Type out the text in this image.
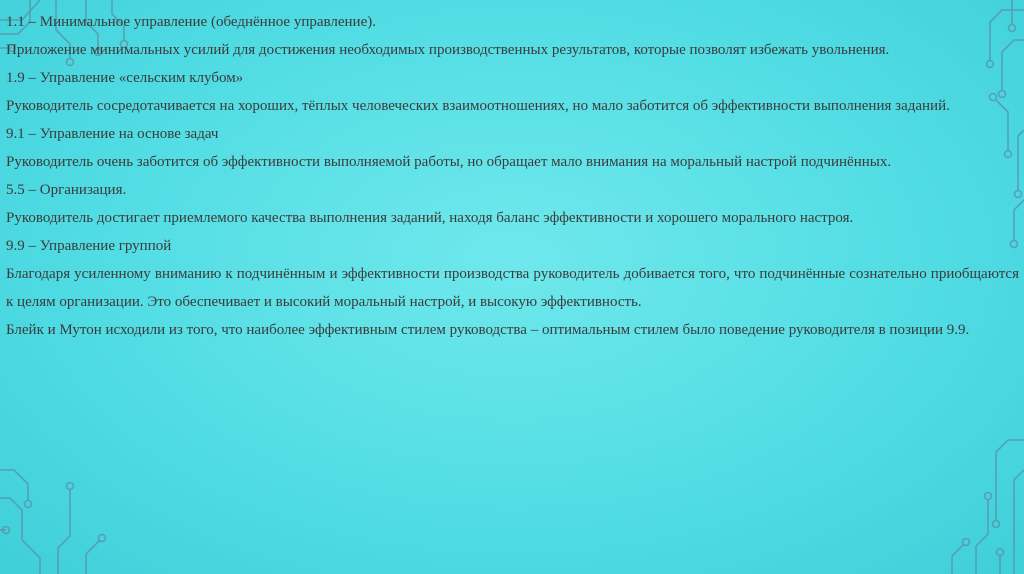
1.1 – Минимальное управление (обеднённое управление).

Приложение минимальных усилий для достижения необходимых производственных результатов, которые позволят избежать увольнения.

1.9 – Управление «сельским клубом»

Руководитель сосредотачивается на хороших, тёплых человеческих взаимоотношениях, но мало заботится об эффективности выполнения заданий.

9.1 – Управление на основе задач

Руководитель очень заботится об эффективности выполняемой работы, но обращает мало внимания на моральный настрой подчинённых.

5.5 – Организация.

Руководитель достигает приемлемого качества выполнения заданий, находя баланс эффективности и хорошего морального настроя.

9.9 – Управление группой

Благодаря усиленному вниманию к подчинённым и эффективности производства руководитель добивается того, что подчинённые сознательно приобщаются к целям организации. Это обеспечивает и высокий моральный настрой, и высокую эффективность.

Блейк и Мутон исходили из того, что наиболее эффективным стилем руководства – оптимальным стилем было поведение руководителя в позиции 9.9.
